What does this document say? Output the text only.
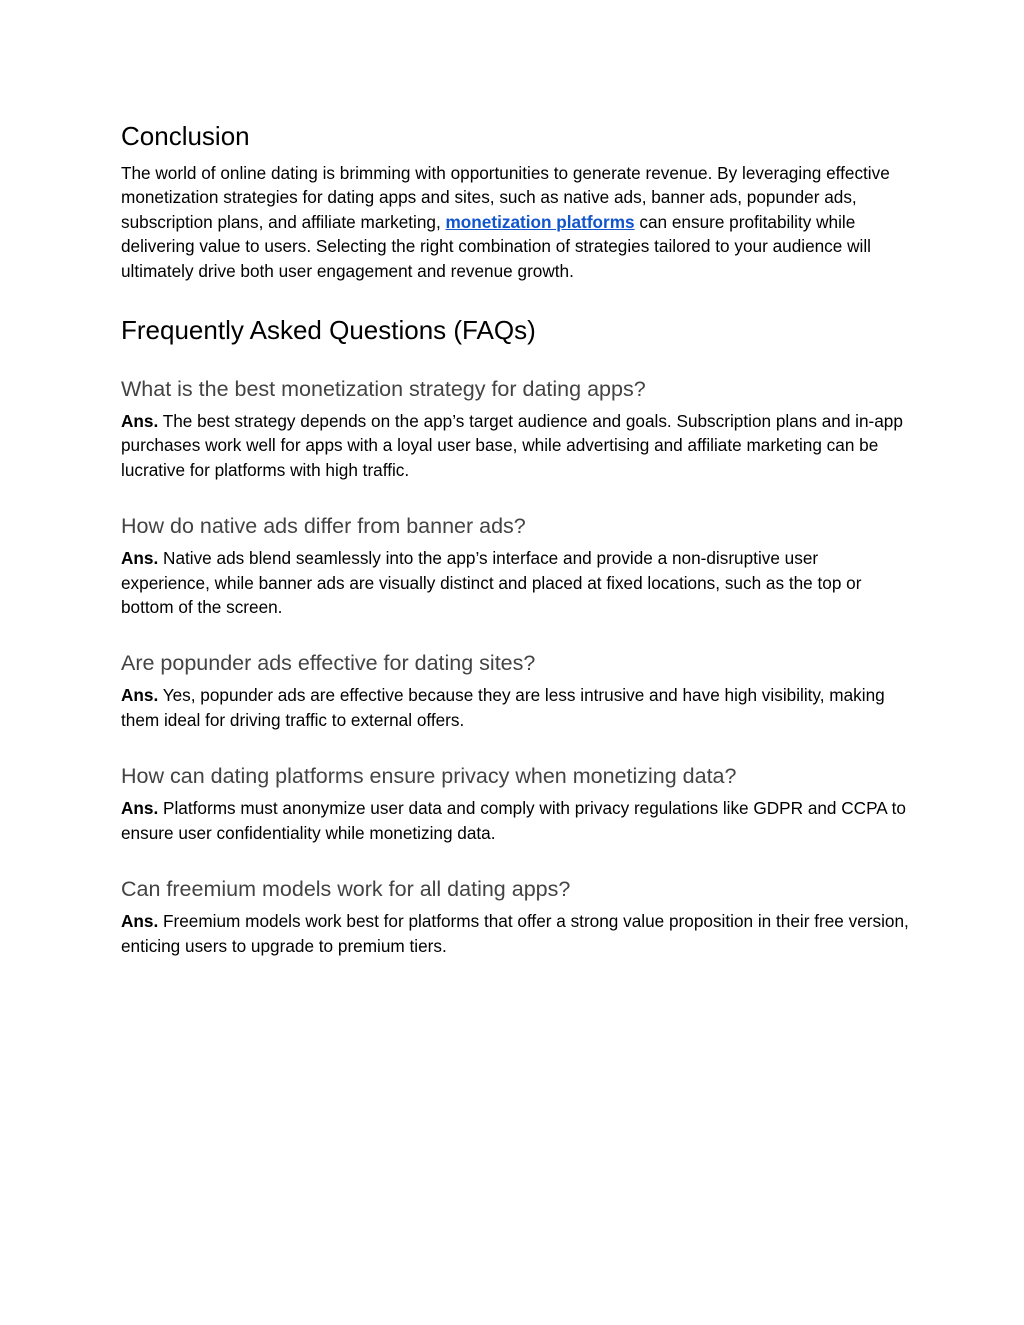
Conclusion

The world of online dating is brimming with opportunities to generate revenue. By leveraging effective monetization strategies for dating apps and sites, such as native ads, banner ads, popunder ads, subscription plans, and affiliate marketing, monetization platforms can ensure profitability while delivering value to users. Selecting the right combination of strategies tailored to your audience will ultimately drive both user engagement and revenue growth.

Frequently Asked Questions (FAQs)
What is the best monetization strategy for dating apps?

Ans. The best strategy depends on the app’s target audience and goals. Subscription plans and in-app purchases work well for apps with a loyal user base, while advertising and affiliate marketing can be lucrative for platforms with high traffic.

How do native ads differ from banner ads?

Ans. Native ads blend seamlessly into the app’s interface and provide a non-disruptive user experience, while banner ads are visually distinct and placed at fixed locations, such as the top or bottom of the screen.

Are popunder ads effective for dating sites?

Ans. Yes, popunder ads are effective because they are less intrusive and have high visibility, making them ideal for driving traffic to external offers.

How can dating platforms ensure privacy when monetizing data?

Ans. Platforms must anonymize user data and comply with privacy regulations like GDPR and CCPA to ensure user confidentiality while monetizing data.

Can freemium models work for all dating apps?

Ans. Freemium models work best for platforms that offer a strong value proposition in their free version, enticing users to upgrade to premium tiers.
